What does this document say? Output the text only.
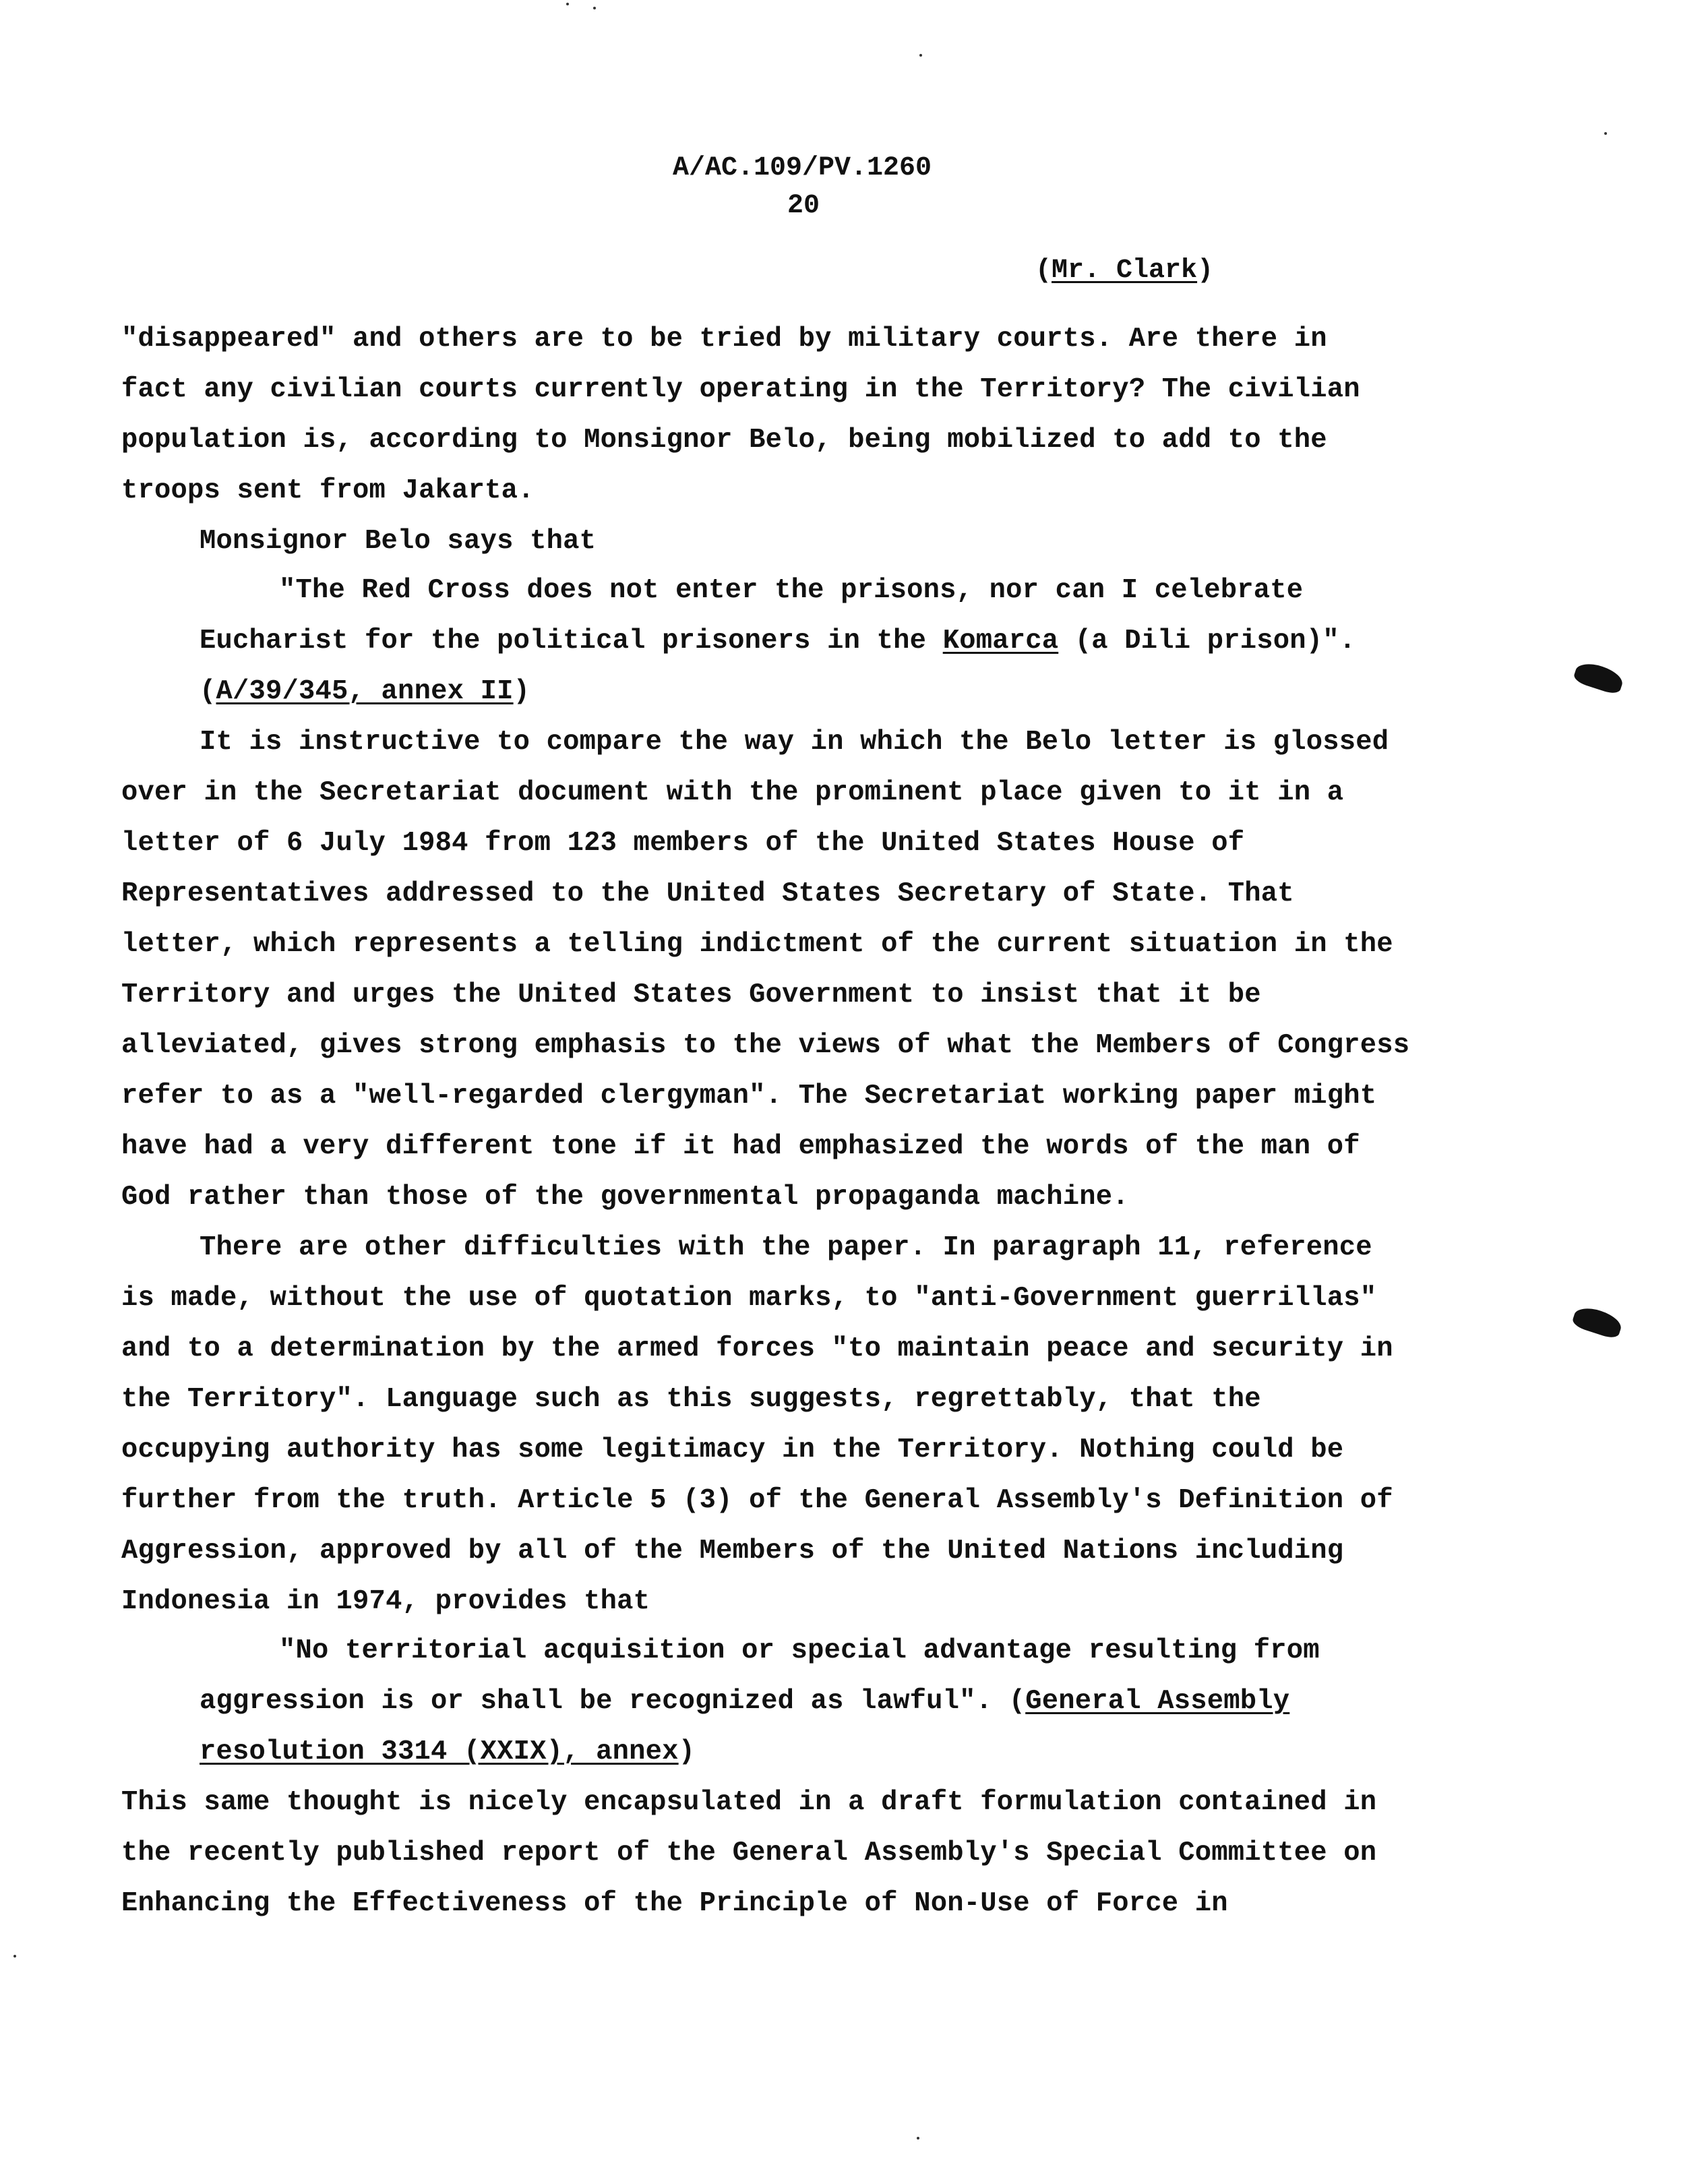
A/AC.109/PV.1260
20
(Mr. Clark)
"disappeared" and others are to be tried by military courts. Are there in
fact any civilian courts currently operating in the Territory? The civilian
population is, according to Monsignor Belo, being mobilized to add to the
troops sent from Jakarta.
Monsignor Belo says that
"The Red Cross does not enter the prisons, nor can I celebrate
Eucharist for the political prisoners in the Komarca (a Dili prison)".
(A/39/345, annex II)
It is instructive to compare the way in which the Belo letter is glossed
over in the Secretariat document with the prominent place given to it in a
letter of 6 July 1984 from 123 members of the United States House of
Representatives addressed to the United States Secretary of State. That
letter, which represents a telling indictment of the current situation in the
Territory and urges the United States Government to insist that it be
alleviated, gives strong emphasis to the views of what the Members of Congress
refer to as a "well-regarded clergyman". The Secretariat working paper might
have had a very different tone if it had emphasized the words of the man of
God rather than those of the governmental propaganda machine.
There are other difficulties with the paper. In paragraph 11, reference
is made, without the use of quotation marks, to "anti-Government guerrillas"
and to a determination by the armed forces "to maintain peace and security in
the Territory". Language such as this suggests, regrettably, that the
occupying authority has some legitimacy in the Territory. Nothing could be
further from the truth. Article 5 (3) of the General Assembly's Definition of
Aggression, approved by all of the Members of the United Nations including
Indonesia in 1974, provides that
"No territorial acquisition or special advantage resulting from
aggression is or shall be recognized as lawful". (General Assembly
resolution 3314 (XXIX), annex)
This same thought is nicely encapsulated in a draft formulation contained in
the recently published report of the General Assembly's Special Committee on
Enhancing the Effectiveness of the Principle of Non-Use of Force in
